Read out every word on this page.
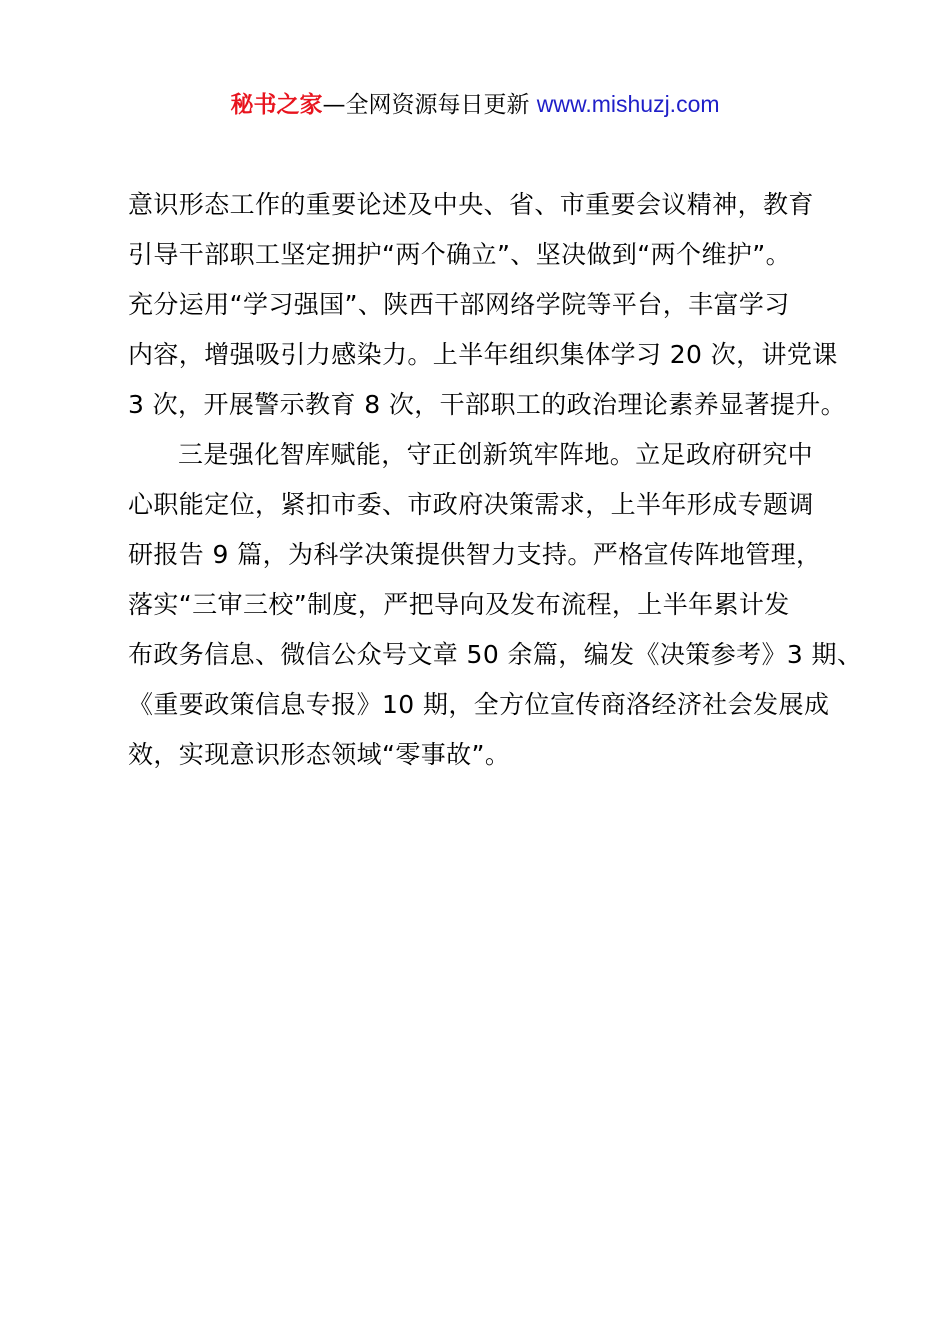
秘书之家—全网资源每日更新 www.mishuzj.com
意识形态工作的重要论述及中央、省、市重要会议精神，教育
引导干部职工坚定拥护“两个确立”、坚决做到“两个维护”。
充分运用“学习强国”、陕西干部网络学院等平台，丰富学习
内容，增强吸引力感染力。上半年组织集体学习 20 次，讲党课
3 次，开展警示教育 8 次，干部职工的政治理论素养显著提升。
三是强化智库赋能，守正创新筑牢阵地。立足政府研究中
心职能定位，紧扣市委、市政府决策需求，上半年形成专题调
研报告 9 篇，为科学决策提供智力支持。严格宣传阵地管理，
落实“三审三校”制度，严把导向及发布流程，上半年累计发
布政务信息、微信公众号文章 50 余篇，编发《决策参考》3 期、
《重要政策信息专报》10 期，全方位宣传商洛经济社会发展成
效，实现意识形态领域“零事故”。
